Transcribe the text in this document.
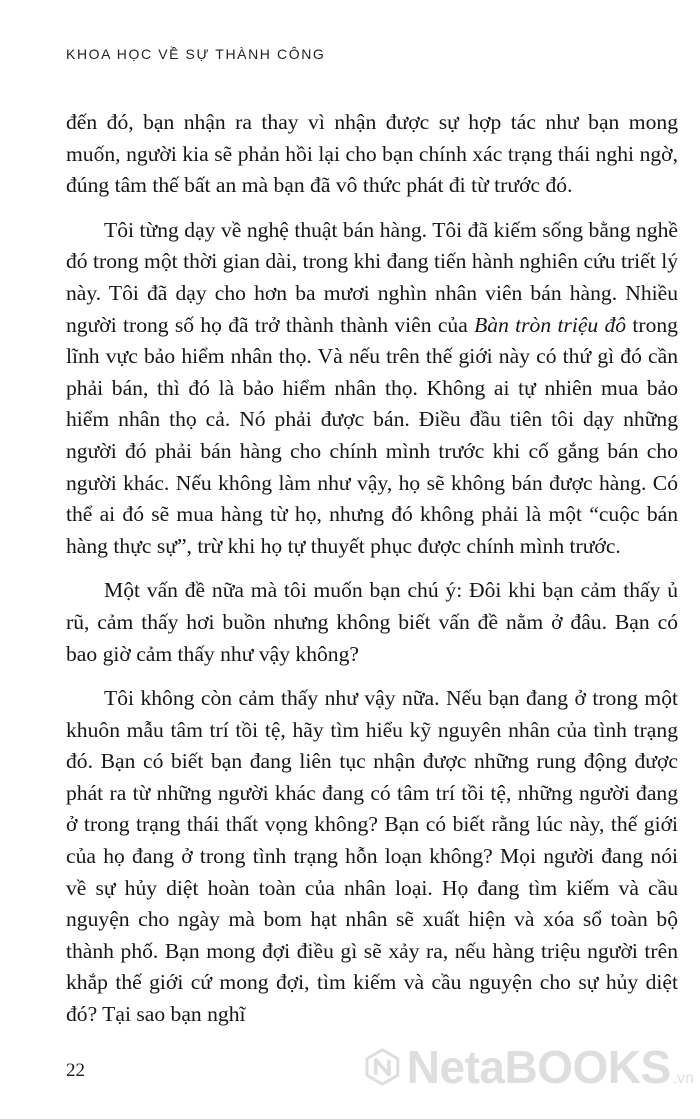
KHOA HỌC VỀ SỰ THÀNH CÔNG

đến đó, bạn nhận ra thay vì nhận được sự hợp tác như bạn mong muốn, người kia sẽ phản hồi lại cho bạn chính xác trạng thái nghi ngờ, đúng tâm thế bất an mà bạn đã vô thức phát đi từ trước đó.

Tôi từng dạy về nghệ thuật bán hàng. Tôi đã kiếm sống bằng nghề đó trong một thời gian dài, trong khi đang tiến hành nghiên cứu triết lý này. Tôi đã dạy cho hơn ba mươi nghìn nhân viên bán hàng. Nhiều người trong số họ đã trở thành thành viên của Bàn tròn triệu đô trong lĩnh vực bảo hiểm nhân thọ. Và nếu trên thế giới này có thứ gì đó cần phải bán, thì đó là bảo hiểm nhân thọ. Không ai tự nhiên mua bảo hiểm nhân thọ cả. Nó phải được bán. Điều đầu tiên tôi dạy những người đó phải bán hàng cho chính mình trước khi cố gắng bán cho người khác. Nếu không làm như vậy, họ sẽ không bán được hàng. Có thể ai đó sẽ mua hàng từ họ, nhưng đó không phải là một “cuộc bán hàng thực sự”, trừ khi họ tự thuyết phục được chính mình trước.

Một vấn đề nữa mà tôi muốn bạn chú ý: Đôi khi bạn cảm thấy ủ rũ, cảm thấy hơi buồn nhưng không biết vấn đề nằm ở đâu. Bạn có bao giờ cảm thấy như vậy không?

Tôi không còn cảm thấy như vậy nữa. Nếu bạn đang ở trong một khuôn mẫu tâm trí tồi tệ, hãy tìm hiểu kỹ nguyên nhân của tình trạng đó. Bạn có biết bạn đang liên tục nhận được những rung động được phát ra từ những người khác đang có tâm trí tồi tệ, những người đang ở trong trạng thái thất vọng không? Bạn có biết rằng lúc này, thế giới của họ đang ở trong tình trạng hỗn loạn không? Mọi người đang nói về sự hủy diệt hoàn toàn của nhân loại. Họ đang tìm kiếm và cầu nguyện cho ngày mà bom hạt nhân sẽ xuất hiện và xóa sổ toàn bộ thành phố. Bạn mong đợi điều gì sẽ xảy ra, nếu hàng triệu người trên khắp thế giới cứ mong đợi, tìm kiếm và cầu nguyện cho sự hủy diệt đó? Tại sao bạn nghĩ

22	NetaBOOKS .vn
